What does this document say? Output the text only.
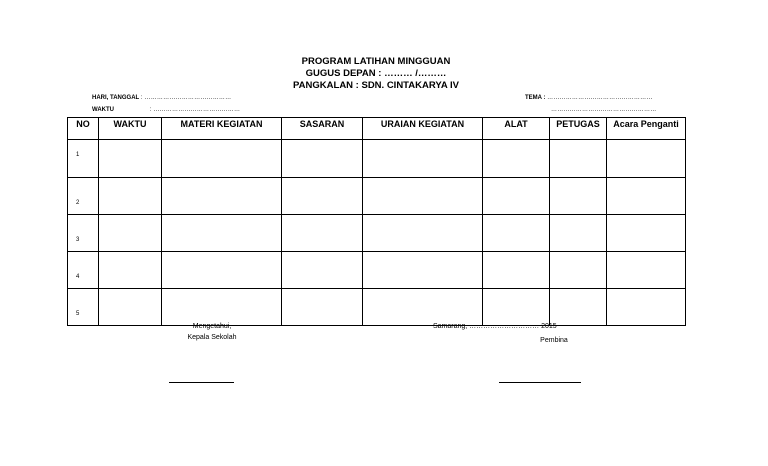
PROGRAM LATIHAN MINGGUAN
GUGUS DEPAN : ……… /………
PANGKALAN : SDN. CINTAKARYA IV
HARI, TANGGAL : ……………………………………
WAKTU	: ……………………………………
TEMA : ……………………………………………
……………………………………………
NO	WAKTU	MATERI KEGIATAN	SASARAN	URAIAN KEGIATAN	ALAT	PETUGAS	Acara Penganti
1							
2							
3							
4							
5							
Mengetahui,
Kepala Sekolah
Samarang, ………………………… 2015
Pembina
